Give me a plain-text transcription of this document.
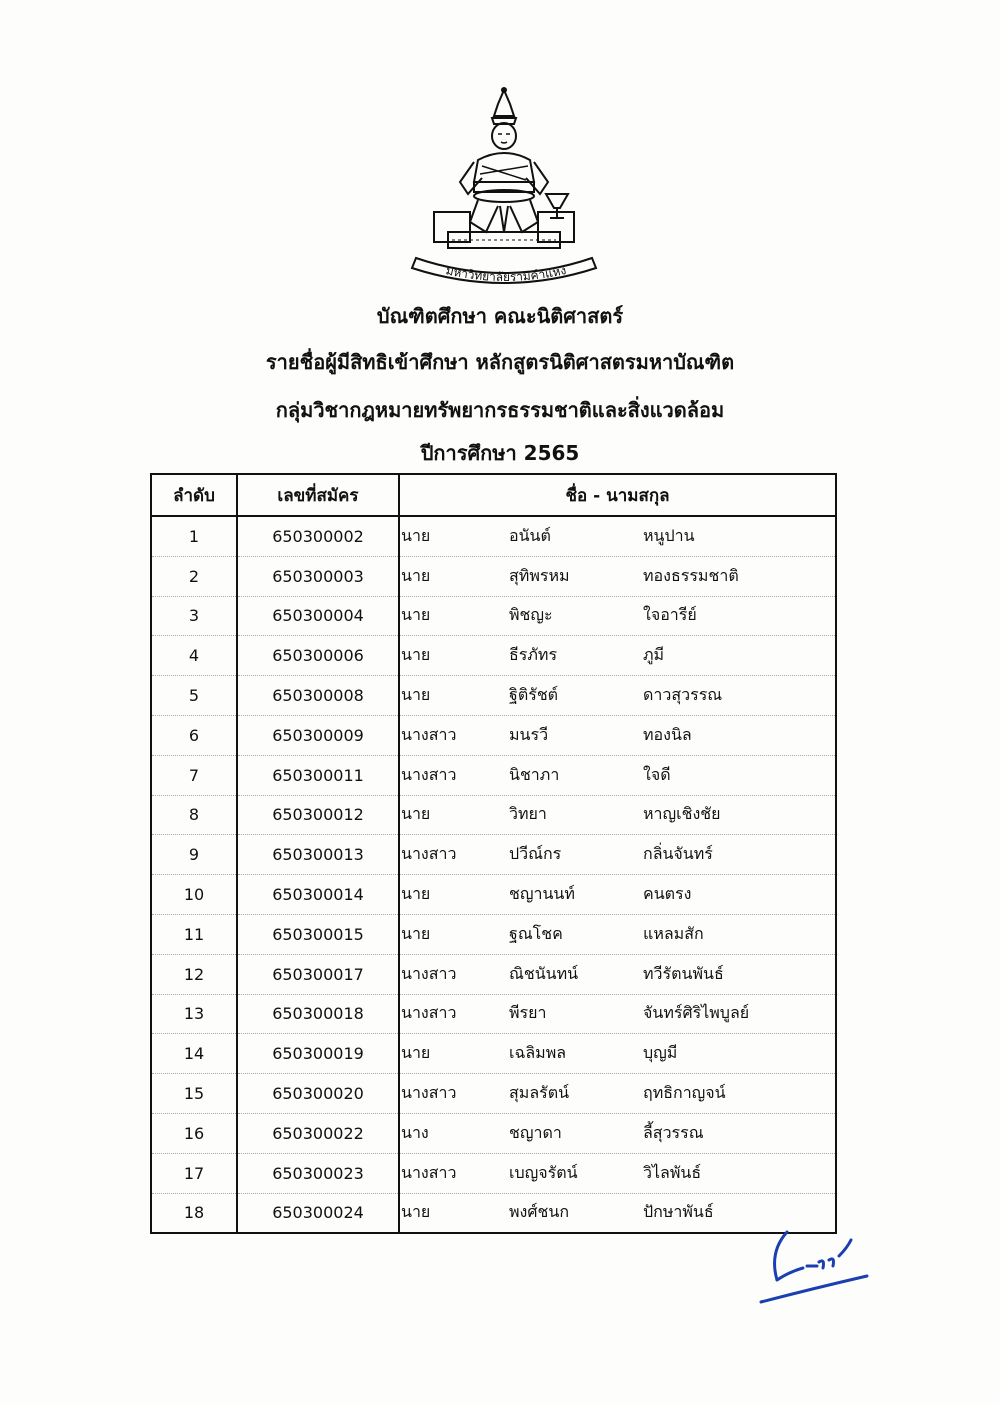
มหาวิทยาลัยรามคำแหง
บัณฑิตศึกษา คณะนิติศาสตร์
รายชื่อผู้มีสิทธิเข้าศึกษา หลักสูตรนิติศาสตรมหาบัณฑิต
กลุ่มวิชากฎหมายทรัพยากรธรรมชาติและสิ่งแวดล้อม
ปีการศึกษา 2565
ลำดับ	เลขที่สมัคร	ชื่อ - นามสกุล
1	650300002	นาย อนันต์ หนูปาน

2	650300003	นาย สุทิพรหม ทองธรรมชาติ

3	650300004	นาย พิชญะ ใจอารีย์

4	650300006	นาย ธีรภัทร ภูมี

5	650300008	นาย ฐิติรัชต์ ดาวสุวรรณ

6	650300009	นางสาว มนรวี ทองนิล

7	650300011	นางสาว นิชาภา ใจดี

8	650300012	นาย วิทยา หาญเชิงชัย

9	650300013	นางสาว ปวีณ์กร กลิ่นจันทร์

10	650300014	นาย ชญานนท์ คนตรง

11	650300015	นาย ฐณโชค แหลมสัก

12	650300017	นางสาว ณิชนันทน์ ทวีรัตนพันธ์

13	650300018	นางสาว พีรยา จันทร์ศิริไพบูลย์

14	650300019	นาย เฉลิมพล บุญมี

15	650300020	นางสาว สุมลรัตน์ ฤทธิกาญจน์

16	650300022	นาง ชญาดา ลี้สุวรรณ

17	650300023	นางสาว เบญจรัตน์ วิไลพันธ์

18	650300024	นาย พงศ์ชนก ปักษาพันธ์
